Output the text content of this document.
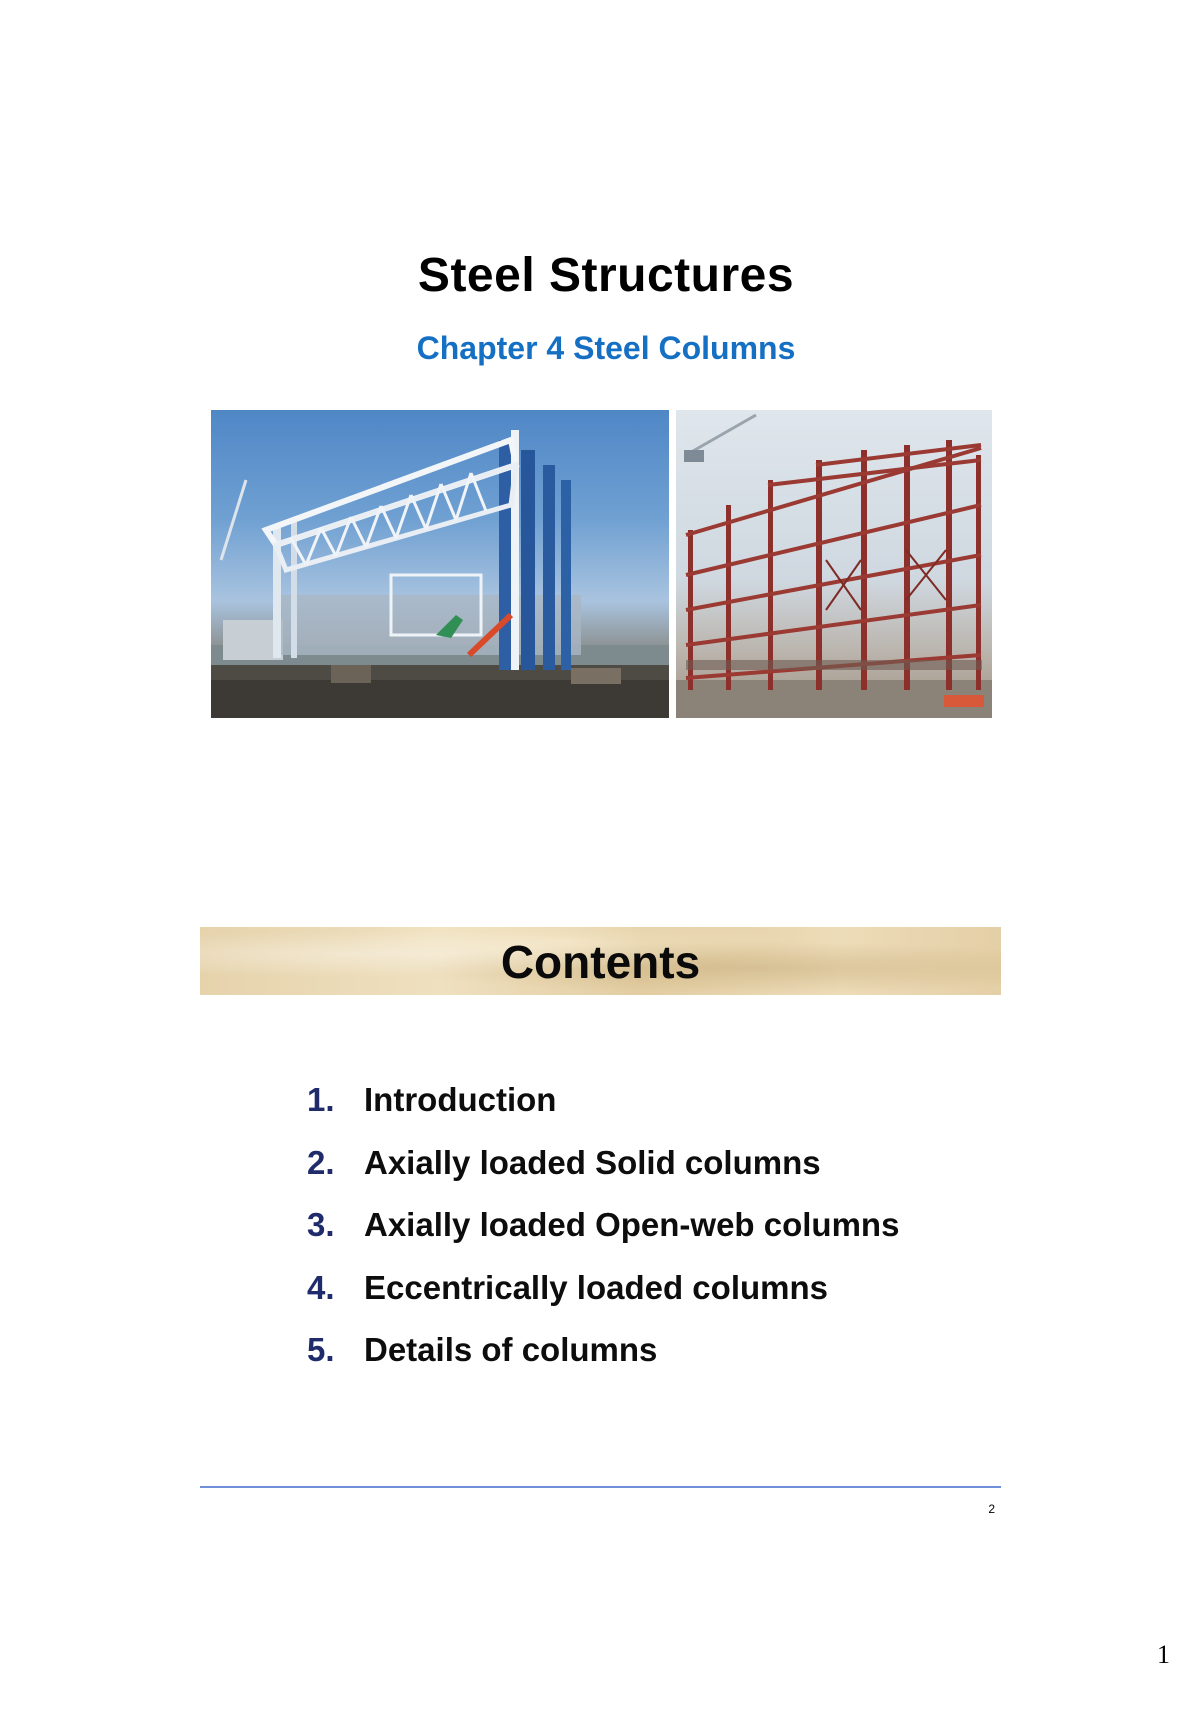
Steel Structures
Chapter 4 Steel Columns
Contents
1. Introduction
2. Axially loaded Solid columns
3. Axially loaded Open-web columns
4. Eccentrically loaded columns
5. Details of columns
2
1
